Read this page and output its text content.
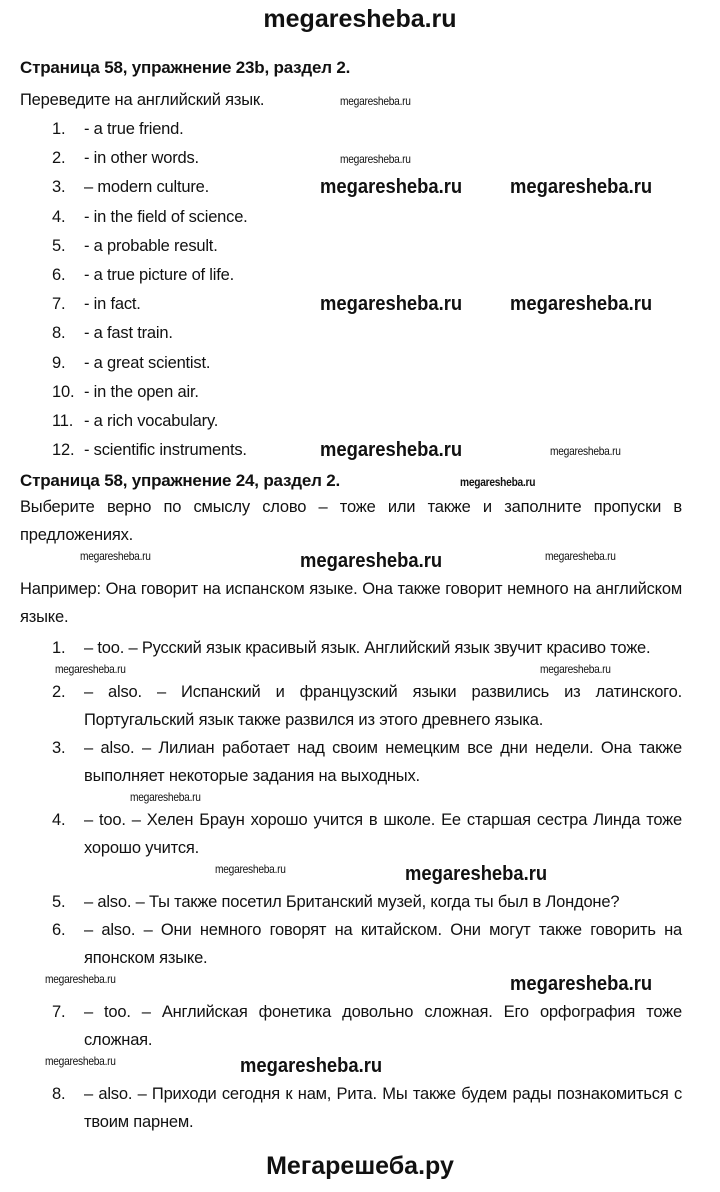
megaresheba.ru
Страница 58, упражнение 23b, раздел 2.
Переведите на английский язык.	megaresheba.ru
1. - a true friend.
2. - in other words.	megaresheba.ru
3. – modern culture.	megaresheba.ru megaresheba.ru
4. - in the field of science.
5. - a probable result.
6. - a true picture of life.
7. - in fact.	megaresheba.ru megaresheba.ru
8. - a fast train.
9. - a great scientist.
10. - in the open air.
11. - a rich vocabulary.
12. - scientific instruments.	megaresheba.ru	megaresheba.ru
Страница 58, упражнение 24, раздел 2.	megaresheba.ru
Выберите верно по смыслу слово – тоже или также и заполните пропуски в предложениях.
megaresheba.ru	megaresheba.ru	megaresheba.ru
Например: Она говорит на испанском языке. Она также говорит немного на английском языке.
1. – too. – Русский язык красивый язык. Английский язык звучит красиво тоже.
megaresheba.ru	megaresheba.ru
2. – also. – Испанский и французский языки развились из латинского. Португальский язык также развился из этого древнего языка.
3. – also. – Лилиан работает над своим немецким все дни недели. Она также выполняет некоторые задания на выходных.
megaresheba.ru
4. – too. – Хелен Браун хорошо учится в школе. Ее старшая сестра Линда тоже хорошо учится.
megaresheba.ru	megaresheba.ru
5. – also. – Ты также посетил Британский музей, когда ты был в Лондоне?
6. – also. – Они немного говорят на китайском. Они могут также говорить на японском языке.
megaresheba.ru	megaresheba.ru
7. – too. – Английская фонетика довольно сложная. Его орфография тоже сложная.
megaresheba.ru	megaresheba.ru
8. – also. – Приходи сегодня к нам, Рита. Мы также будем рады познакомиться с твоим парнем.
Мегарешеба.ру
